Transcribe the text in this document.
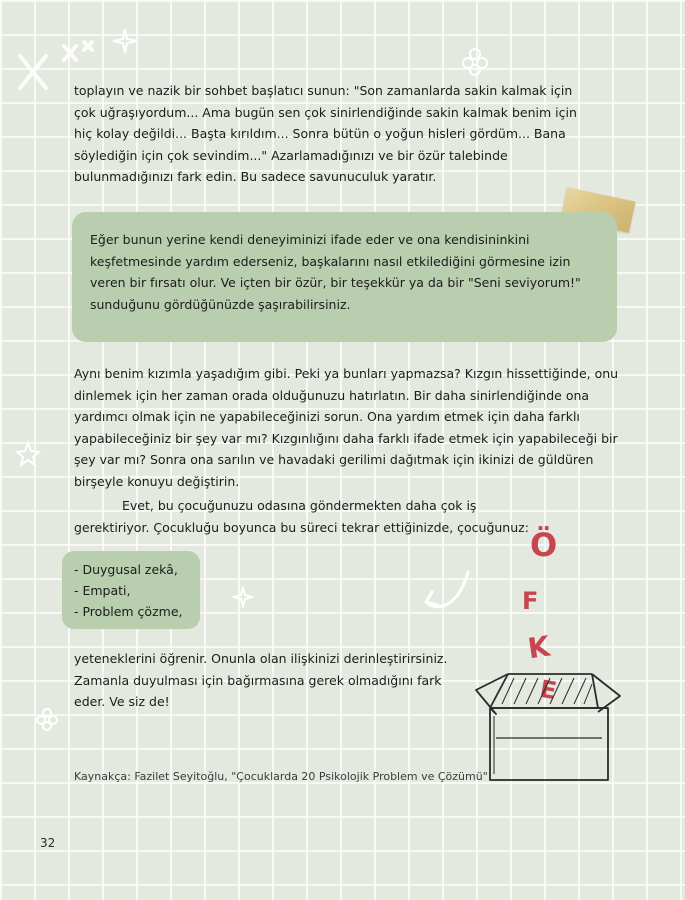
toplayın ve nazik bir sohbet başlatıcı sunun: "Son zamanlarda sakin kalmak için çok uğraşıyordum... Ama bugün sen çok sinirlendiğinde sakin kalmak benim için hiç kolay değildi... Başta kırıldım... Sonra bütün o yoğun hisleri gördüm... Bana söylediğin için çok sevindim..." Azarlamadığınızı ve bir özür talebinde bulunmadığınızı fark edin. Bu sadece savunuculuk yaratır.

Eğer bunun yerine kendi deneyiminizi ifade eder ve ona kendisininkini keşfetmesinde yardım ederseniz, başkalarını nasıl etkilediğini görmesine izin veren bir fırsatı olur. Ve içten bir özür, bir teşekkür ya da bir "Seni seviyorum!" sunduğunu gördüğünüzde şaşırabilirsiniz.

Aynı benim kızımla yaşadığım gibi. Peki ya bunları yapmazsa? Kızgın hissettiğinde, onu dinlemek için her zaman orada olduğunuzu hatırlatın. Bir daha sinirlendiğinde ona yardımcı olmak için ne yapabileceğinizi sorun. Ona yardım etmek için daha farklı yapabileceğiniz bir şey var mı? Kızgınlığını daha farklı ifade etmek için yapabileceği bir şey var mı? Sonra ona sarılın ve havadaki gerilimi dağıtmak için ikinizi de güldüren birşeyle konuyu değiştirin.

Evet, bu çocuğunuzu odasına göndermekten daha çok iş gerektiriyor. Çocukluğu boyunca bu süreci tekrar ettiğinizde, çocuğunuz:

- Duygusal zekâ,
- Empati,
- Problem çözme,

yeteneklerini öğrenir. Onunla olan ilişkinizi derinleştirirsiniz. Zamanla duyulması için bağırmasına gerek olmadığını fark eder. Ve siz de!

Ö
F
K
E

Kaynakça: Fazilet Seyitoğlu, "Çocuklarda 20 Psikolojik Problem ve Çözümü"

32
